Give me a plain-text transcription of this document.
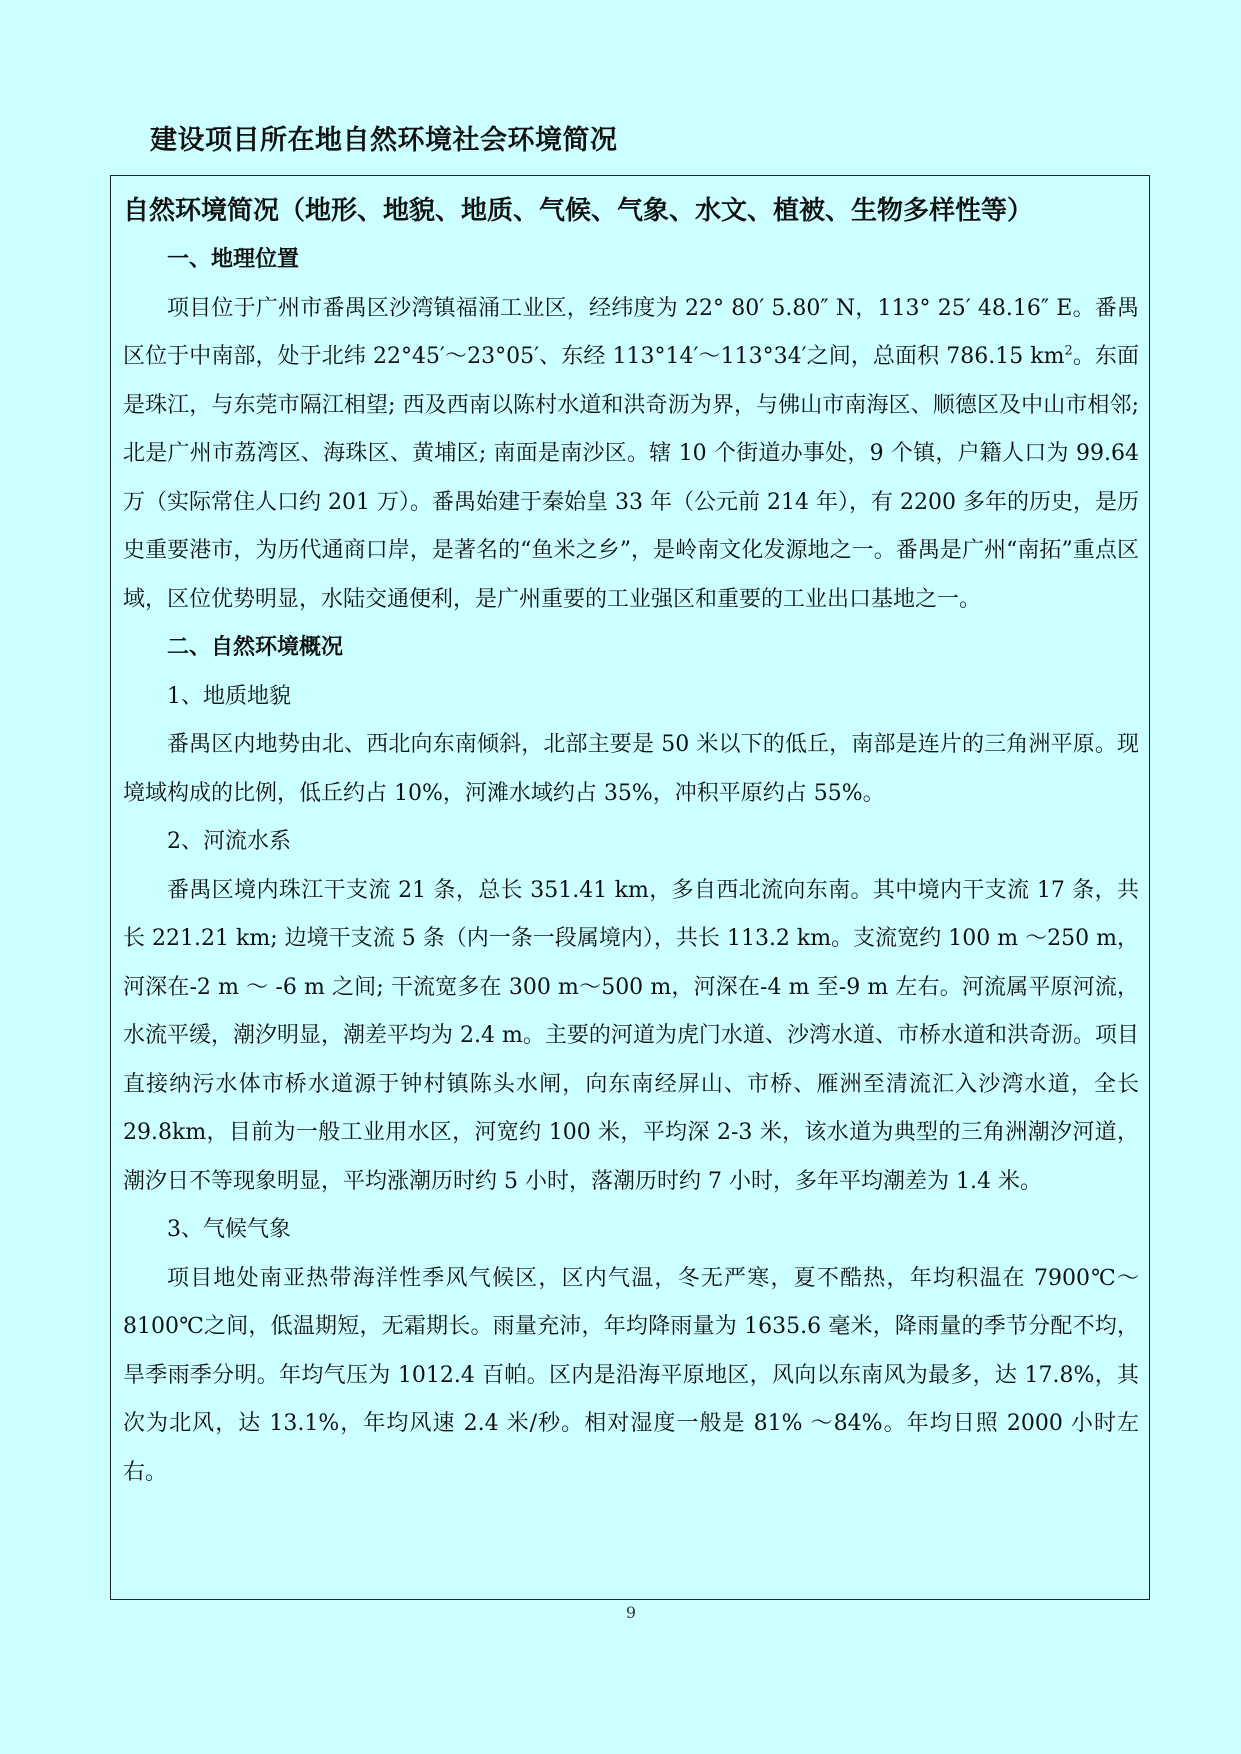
建设项目所在地自然环境社会环境简况
自然环境简况（地形、地貌、地质、气候、气象、水文、植被、生物多样性等）

一、地理位置

项目位于广州市番禺区沙湾镇福涌工业区，经纬度为 22° 80′ 5.80″ N，113° 25′ 48.16″ E。番禺区位于中南部，处于北纬 22°45′～23°05′、东经 113°14′～113°34′之间，总面积 786.15 $km^2$。东面是珠江，与东莞市隔江相望; 西及西南以陈村水道和洪奇沥为界，与佛山市南海区、顺德区及中山市相邻; 北是广州市荔湾区、海珠区、黄埔区; 南面是南沙区。辖 10 个街道办事处，9 个镇，户籍人口为 99.64 万（实际常住人口约 201 万）。番禺始建于秦始皇 33 年（公元前 214 年），有 2200 多年的历史，是历史重要港市，为历代通商口岸，是著名的“鱼米之乡”，是岭南文化发源地之一。番禺是广州“南拓”重点区域，区位优势明显，水陆交通便利，是广州重要的工业强区和重要的工业出口基地之一。

二、自然环境概况

1、地质地貌

番禺区内地势由北、西北向东南倾斜，北部主要是 50 米以下的低丘，南部是连片的三角洲平原。现境域构成的比例，低丘约占 10%，河滩水域约占 35%，冲积平原约占 55%。

2、河流水系

番禺区境内珠江干支流 21 条，总长 351.41 km，多自西北流向东南。其中境内干支流 17 条，共长 221.21 km; 边境干支流 5 条（内一条一段属境内），共长 113.2 km。支流宽约 100 m ～250 m，河深在-2 m ～ -6 m 之间; 干流宽多在 300 m～500 m，河深在-4 m 至-9 m 左右。河流属平原河流，水流平缓，潮汐明显，潮差平均为 2.4 m。主要的河道为虎门水道、沙湾水道、市桥水道和洪奇沥。项目直接纳污水体市桥水道源于钟村镇陈头水闸，向东南经屏山、市桥、雁洲至清流汇入沙湾水道，全长 29.8km，目前为一般工业用水区，河宽约 100 米，平均深 2-3 米，该水道为典型的三角洲潮汐河道，潮汐日不等现象明显，平均涨潮历时约 5 小时，落潮历时约 7 小时，多年平均潮差为 1.4 米。

3、气候气象

项目地处南亚热带海洋性季风气候区，区内气温，冬无严寒，夏不酷热，年均积温在 7900℃～ 8100℃之间，低温期短，无霜期长。雨量充沛，年均降雨量为 1635.6 毫米，降雨量的季节分配不均，旱季雨季分明。年均气压为 1012.4 百帕。区内是沿海平原地区，风向以东南风为最多，达 17.8%，其次为北风，达 13.1%，年均风速 2.4 米/秒。相对湿度一般是 81% ～84%。年均日照 2000 小时左右。

9
